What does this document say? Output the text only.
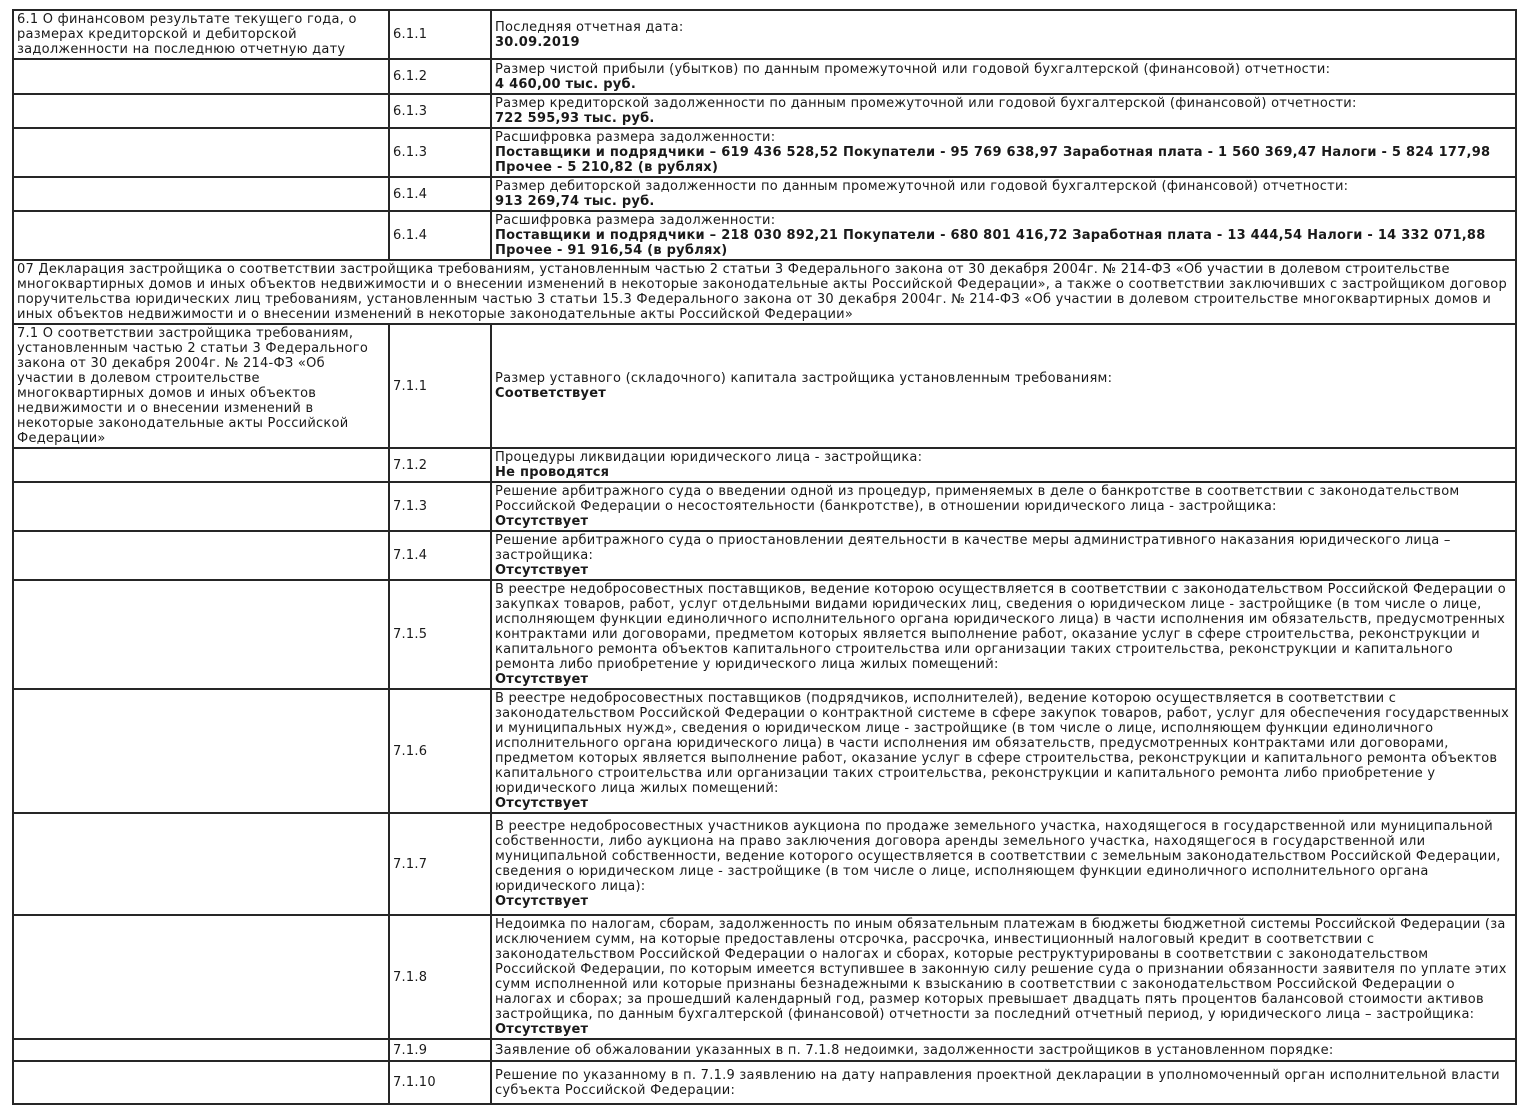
6.1 О финансовом результате текущего года, о размерах кредиторской и дебиторской задолженности на последнюю отчетную дату	6.1.1	Последняя отчетная дата:
30.09.2019

	6.1.2	Размер чистой прибыли (убытков) по данным промежуточной или годовой бухгалтерской (финансовой) отчетности:
4 460,00 тыс. руб.

	6.1.3	Размер кредиторской задолженности по данным промежуточной или годовой бухгалтерской (финансовой) отчетности:
722 595,93 тыс. руб.

	6.1.3	Расшифровка размера задолженности:
Поставщики и подрядчики – 619 436 528,52 Покупатели - 95 769 638,97 Заработная плата - 1 560 369,47 Налоги - 5 824 177,98 Прочее - 5 210,82 (в рублях)

	6.1.4	Размер дебиторской задолженности по данным промежуточной или годовой бухгалтерской (финансовой) отчетности:
913 269,74 тыс. руб.

	6.1.4	Расшифровка размера задолженности:
Поставщики и подрядчики – 218 030 892,21 Покупатели - 680 801 416,72 Заработная плата - 13 444,54 Налоги - 14 332 071,88 Прочее - 91 916,54 (в рублях)

07 Декларация застройщика о соответствии застройщика требованиям, установленным частью 2 статьи 3 Федерального закона от 30 декабря 2004г. № 214-ФЗ «Об участии в долевом строительстве многоквартирных домов и иных объектов недвижимости и о внесении изменений в некоторые законодательные акты Российской Федерации», а также о соответствии заключивших с застройщиком договор поручительства юридических лиц требованиям, установленным частью 3 статьи 15.3 Федерального закона от 30 декабря 2004г. № 214-ФЗ «Об участии в долевом строительстве многоквартирных домов и иных объектов недвижимости и о внесении изменений в некоторые законодательные акты Российской Федерации»		
7.1 О соответствии застройщика требованиям, установленным частью 2 статьи 3 Федерального закона от 30 декабря 2004г. № 214-ФЗ «Об участии в долевом строительстве многоквартирных домов и иных объектов недвижимости и о внесении изменений в некоторые законодательные акты Российской Федерации»	7.1.1	Размер уставного (складочного) капитала застройщика установленным требованиям:
Соответствует

	7.1.2	Процедуры ликвидации юридического лица - застройщика:
Не проводятся

	7.1.3	Решение арбитражного суда о введении одной из процедур, применяемых в деле о банкротстве в соответствии с законодательством Российской Федерации о несостоятельности (банкротстве), в отношении юридического лица - застройщика:
Отсутствует

	7.1.4	Решение арбитражного суда о приостановлении деятельности в качестве меры административного наказания юридического лица – застройщика:
Отсутствует

	7.1.5	В реестре недобросовестных поставщиков, ведение которою осуществляется в соответствии с законодательством Российской Федерации о закупках товаров, работ, услуг отдельными видами юридических лиц, сведения о юридическом лице - застройщике (в том числе о лице, исполняющем функции единоличного исполнительного органа юридического лица) в части исполнения им обязательств, предусмотренных контрактами или договорами, предметом которых является выполнение работ, оказание услуг в сфере строительства, реконструкции и капитального ремонта объектов капитального строительства или организации таких строительства, реконструкции и капитального ремонта либо приобретение у юридического лица жилых помещений:
Отсутствует

	7.1.6	В реестре недобросовестных поставщиков (подрядчиков, исполнителей), ведение которою осуществляется в соответствии с законодательством Российской Федерации о контрактной системе в сфере закупок товаров, работ, услуг для обеспечения государственных и муниципальных нужд», сведения о юридическом лице - застройщике (в том числе о лице, исполняющем функции единоличного исполнительного органа юридического лица) в части исполнения им обязательств, предусмотренных контрактами или договорами, предметом которых является выполнение работ, оказание услуг в сфере строительства, реконструкции и капитального ремонта объектов капитального строительства или организации таких строительства, реконструкции и капитального ремонта либо приобретение у юридического лица жилых помещений:
Отсутствует

	7.1.7	В реестре недобросовестных участников аукциона по продаже земельного участка, находящегося в государственной или муниципальной собственности, либо аукциона на право заключения договора аренды земельного участка, находящегося в государственной или муниципальной собственности, ведение которого осуществляется в соответствии с земельным законодательством Российской Федерации, сведения о юридическом лице - застройщике (в том числе о лице, исполняющем функции единоличного исполнительного органа юридического лица):
Отсутствует

	7.1.8	Недоимка по налогам, сборам, задолженность по иным обязательным платежам в бюджеты бюджетной системы Российской Федерации (за исключением сумм, на которые предоставлены отсрочка, рассрочка, инвестиционный налоговый кредит в соответствии с законодательством Российской Федерации о налогах и сборах, которые реструктурированы в соответствии с законодательством Российской Федерации, по которым имеется вступившее в законную силу решение суда о признании обязанности заявителя по уплате этих сумм исполненной или которые признаны безнадежными к взысканию в соответствии с законодательством Российской Федерации о налогах и сборах; за прошедший календарный год, размер которых превышает двадцать пять процентов балансовой стоимости активов застройщика, по данным бухгалтерской (финансовой) отчетности за последний отчетный период, у юридического лица – застройщика:
Отсутствует

	7.1.9	Заявление об обжаловании указанных в п. 7.1.8 недоимки, задолженности застройщиков в установленном порядке:

	7.1.10	Решение по указанному в п. 7.1.9 заявлению на дату направления проектной декларации в уполномоченный орган исполнительной власти субъекта Российской Федерации:
